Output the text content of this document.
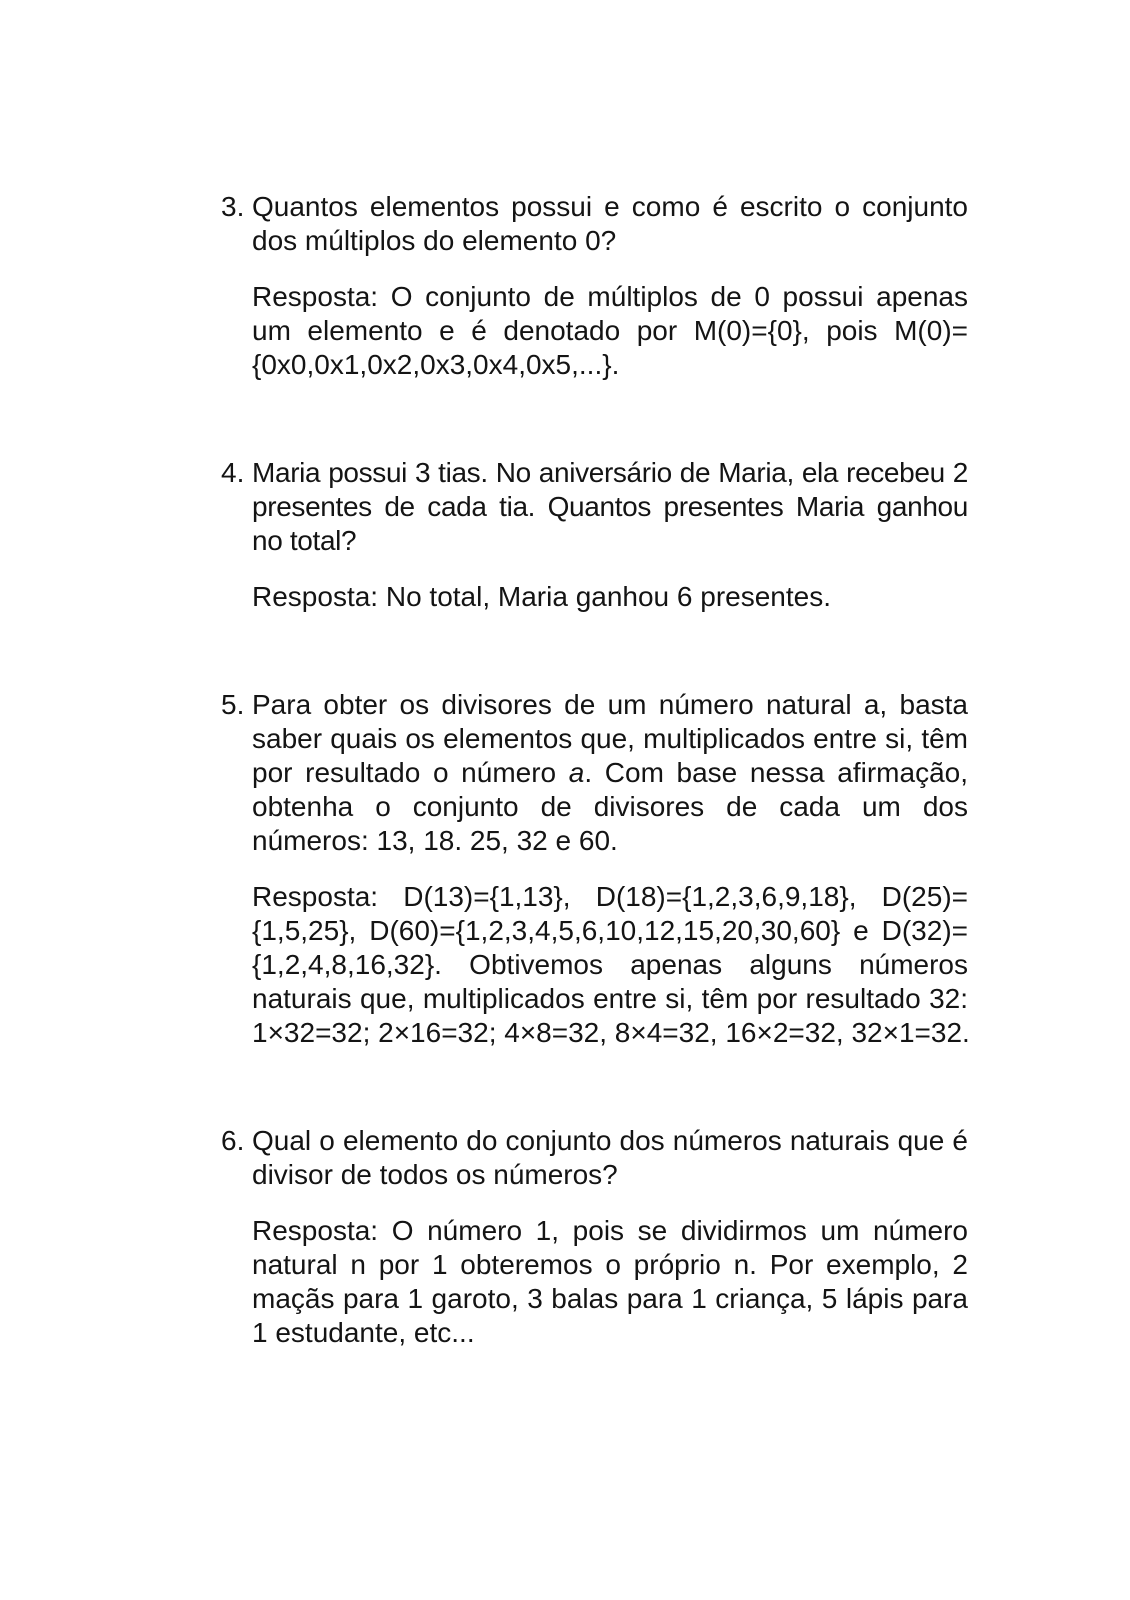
3. Quantos elementos possui e como é escrito o conjunto dos múltiplos do elemento 0?

Resposta: O conjunto de múltiplos de 0 possui apenas um elemento e é denotado por M(0)={0}, pois M(0)={0x0,0x1,0x2,0x3,0x4,0x5,...}.

4. Maria possui 3 tias. No aniversário de Maria, ela recebeu 2 presentes de cada tia. Quantos presentes Maria ganhou no total?

Resposta: No total, Maria ganhou 6 presentes.

5. Para obter os divisores de um número natural a, basta saber quais os elementos que, multiplicados entre si, têm por resultado o número a. Com base nessa afirmação, obtenha o conjunto de divisores de cada um dos números: 13, 18. 25, 32 e 60.

Resposta: D(13)={1,13}, D(18)={1,2,3,6,9,18}, D(25)={1,5,25}, D(60)={1,2,3,4,5,6,10,12,15,20,30,60} e D(32)={1,2,4,8,16,32}. Obtivemos apenas alguns números naturais que, multiplicados entre si, têm por resultado 32: 1×32=32; 2×16=32; 4×8=32, 8×4=32, 16×2=32, 32×1=32.

6. Qual o elemento do conjunto dos números naturais que é divisor de todos os números?

Resposta: O número 1, pois se dividirmos um número natural n por 1 obteremos o próprio n. Por exemplo, 2 maçãs para 1 garoto, 3 balas para 1 criança, 5 lápis para 1 estudante, etc...
